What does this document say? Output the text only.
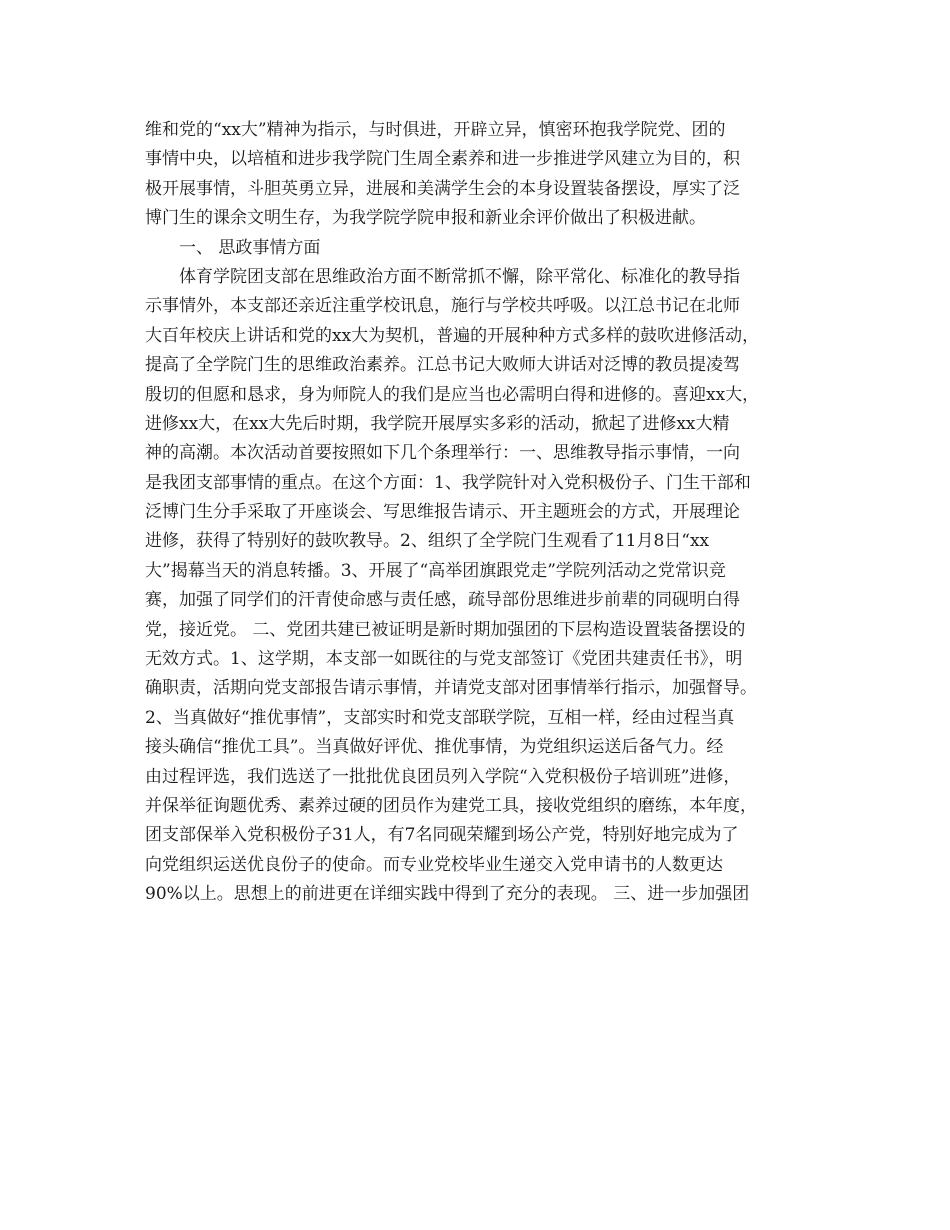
维和党的“xx大”精神为指示，与时俱进，开辟立异，慎密环抱我学院党、团的
事情中央，以培植和进步我学院门生周全素养和进一步推进学风建立为目的，积
极开展事情，斗胆英勇立异，进展和美满学生会的本身设置装备摆设，厚实了泛
博门生的课余文明生存，为我学院学院申报和新业余评价做出了积极进献。
一、 思政事情方面
体育学院团支部在思维政治方面不断常抓不懈，除平常化、标准化的教导指
示事情外，本支部还亲近注重学校讯息，施行与学校共呼吸。以江总书记在北师
大百年校庆上讲话和党的xx大为契机，普遍的开展种种方式多样的鼓吹进修活动，
提高了全学院门生的思维政治素养。江总书记大败师大讲话对泛博的教员提凌驾
殷切的但愿和恳求，身为师院人的我们是应当也必需明白得和进修的。喜迎xx大，
进修xx大，在xx大先后时期，我学院开展厚实多彩的活动，掀起了进修xx大精
神的高潮。本次活动首要按照如下几个条理举行：一、思维教导指示事情，一向
是我团支部事情的重点。在这个方面：1、我学院针对入党积极份子、门生干部和
泛博门生分手采取了开座谈会、写思维报告请示、开主题班会的方式，开展理论
进修，获得了特别好的鼓吹教导。2、组织了全学院门生观看了11月8日“xx
大”揭幕当天的消息转播。3、开展了“高举团旗跟党走”学院列活动之党常识竞
赛，加强了同学们的汗青使命感与责任感，疏导部份思维进步前辈的同砚明白得
党，接近党。 二、党团共建已被证明是新时期加强团的下层构造设置装备摆设的
无效方式。1、这学期，本支部一如既往的与党支部签订《党团共建责任书》，明
确职责，活期向党支部报告请示事情，并请党支部对团事情举行指示，加强督导。
2、当真做好“推优事情”，支部实时和党支部联学院，互相一样，经由过程当真
接头确信“推优工具”。当真做好评优、推优事情，为党组织运送后备气力。经
由过程评选，我们选送了一批批优良团员列入学院“入党积极份子培训班”进修，
并保举征询题优秀、素养过硬的团员作为建党工具，接收党组织的磨练，本年度，
团支部保举入党积极份子31人，有7名同砚荣耀到场公产党，特别好地完成为了
向党组织运送优良份子的使命。而专业党校毕业生递交入党申请书的人数更达
90%以上。思想上的前进更在详细实践中得到了充分的表现。 三、进一步加强团
